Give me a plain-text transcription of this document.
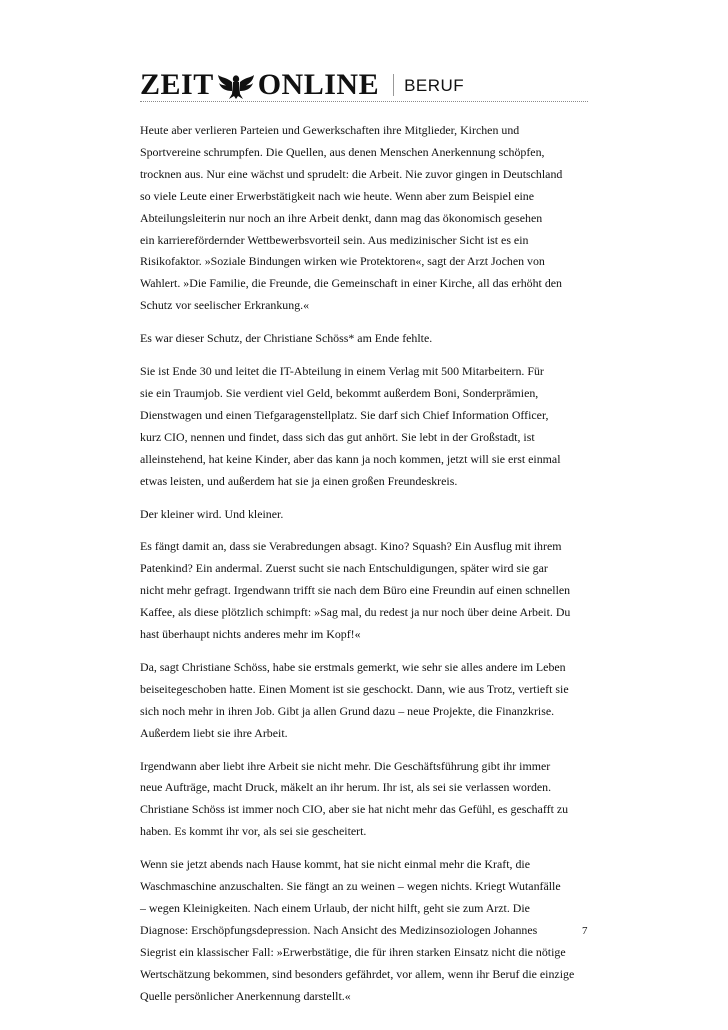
ZEIT ONLINE BERUF

Heute aber verlieren Parteien und Gewerkschaften ihre Mitglieder, Kirchen und
Sportvereine schrumpfen. Die Quellen, aus denen Menschen Anerkennung schöpfen,
trocknen aus. Nur eine wächst und sprudelt: die Arbeit. Nie zuvor gingen in Deutschland
so viele Leute einer Erwerbstätigkeit nach wie heute. Wenn aber zum Beispiel eine
Abteilungsleiterin nur noch an ihre Arbeit denkt, dann mag das ökonomisch gesehen
ein karrierefördernder Wettbewerbsvorteil sein. Aus medizinischer Sicht ist es ein
Risikofaktor. »Soziale Bindungen wirken wie Protektoren«, sagt der Arzt Jochen von
Wahlert. »Die Familie, die Freunde, die Gemeinschaft in einer Kirche, all das erhöht den
Schutz vor seelischer Erkrankung.«

Es war dieser Schutz, der Christiane Schöss* am Ende fehlte.

Sie ist Ende 30 und leitet die IT-Abteilung in einem Verlag mit 500 Mitarbeitern. Für
sie ein Traumjob. Sie verdient viel Geld, bekommt außerdem Boni, Sonderprämien,
Dienstwagen und einen Tiefgaragenstellplatz. Sie darf sich Chief Information Officer,
kurz CIO, nennen und findet, dass sich das gut anhört. Sie lebt in der Großstadt, ist
alleinstehend, hat keine Kinder, aber das kann ja noch kommen, jetzt will sie erst einmal
etwas leisten, und außerdem hat sie ja einen großen Freundeskreis.

Der kleiner wird. Und kleiner.

Es fängt damit an, dass sie Verabredungen absagt. Kino? Squash? Ein Ausflug mit ihrem
Patenkind? Ein andermal. Zuerst sucht sie nach Entschuldigungen, später wird sie gar
nicht mehr gefragt. Irgendwann trifft sie nach dem Büro eine Freundin auf einen schnellen
Kaffee, als diese plötzlich schimpft: »Sag mal, du redest ja nur noch über deine Arbeit. Du
hast überhaupt nichts anderes mehr im Kopf!«

Da, sagt Christiane Schöss, habe sie erstmals gemerkt, wie sehr sie alles andere im Leben
beiseitegeschoben hatte. Einen Moment ist sie geschockt. Dann, wie aus Trotz, vertieft sie
sich noch mehr in ihren Job. Gibt ja allen Grund dazu – neue Projekte, die Finanzkrise.
Außerdem liebt sie ihre Arbeit.

Irgendwann aber liebt ihre Arbeit sie nicht mehr. Die Geschäftsführung gibt ihr immer
neue Aufträge, macht Druck, mäkelt an ihr herum. Ihr ist, als sei sie verlassen worden.
Christiane Schöss ist immer noch CIO, aber sie hat nicht mehr das Gefühl, es geschafft zu
haben. Es kommt ihr vor, als sei sie gescheitert.

Wenn sie jetzt abends nach Hause kommt, hat sie nicht einmal mehr die Kraft, die
Waschmaschine anzuschalten. Sie fängt an zu weinen – wegen nichts. Kriegt Wutanfälle
– wegen Kleinigkeiten. Nach einem Urlaub, der nicht hilft, geht sie zum Arzt. Die
Diagnose: Erschöpfungsdepression. Nach Ansicht des Medizinsoziologen Johannes
Siegrist ein klassischer Fall: »Erwerbstätige, die für ihren starken Einsatz nicht die nötige
Wertschätzung bekommen, sind besonders gefährdet, vor allem, wenn ihr Beruf die einzige
Quelle persönlicher Anerkennung darstellt.«

7
